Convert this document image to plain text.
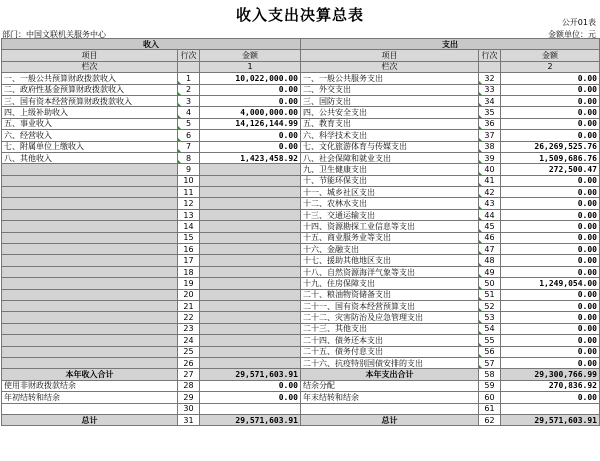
收入支出决算总表	公开01表
部门：中国文联机关服务中心	金额单位：元
收入			支出		
项目	行次	金额	项目	行次	金额
栏次		1	栏次		2
一、一般公共预算财政拨款收入	1	10,022,000.00	一、一般公共服务支出	32	0.00
二、政府性基金预算财政拨款收入	2	0.00	二、外交支出	33	0.00
三、国有资本经营预算财政拨款收入	3	0.00	三、国防支出	34	0.00
四、上级补助收入	4	4,000,000.00	四、公共安全支出	35	0.00
五、事业收入	5	14,126,144.99	五、教育支出	36	0.00
六、经营收入	6	0.00	六、科学技术支出	37	0.00
七、附属单位上缴收入	7	0.00	七、文化旅游体育与传媒支出	38	26,269,525.76
八、其他收入	8	1,423,458.92	八、社会保障和就业支出	39	1,509,686.76
	9		九、卫生健康支出	40	272,500.47
	10		十、节能环保支出	41	0.00
	11		十一、城乡社区支出	42	0.00
	12		十二、农林水支出	43	0.00
	13		十三、交通运输支出	44	0.00
	14		十四、资源勘探工业信息等支出	45	0.00
	15		十五、商业服务业等支出	46	0.00
	16		十六、金融支出	47	0.00
	17		十七、援助其他地区支出	48	0.00
	18		十八、自然资源海洋气象等支出	49	0.00
	19		十九、住房保障支出	50	1,249,054.00
	20		二十、粮油物资储备支出	51	0.00
	21		二十一、国有资本经营预算支出	52	0.00
	22		二十二、灾害防治及应急管理支出	53	0.00
	23		二十三、其他支出	54	0.00
	24		二十四、债务还本支出	55	0.00
	25		二十五、债务付息支出	56	0.00
	26		二十六、抗疫特别国债安排的支出	57	0.00
本年收入合计	27	29,571,603.91	本年支出合计	58	29,300,766.99
使用非财政拨款结余	28	0.00	结余分配	59	270,836.92
年初结转和结余	29	0.00	年末结转和结余	60	0.00
	30			61	
总计	31	29,571,603.91	总计	62	29,571,603.91
